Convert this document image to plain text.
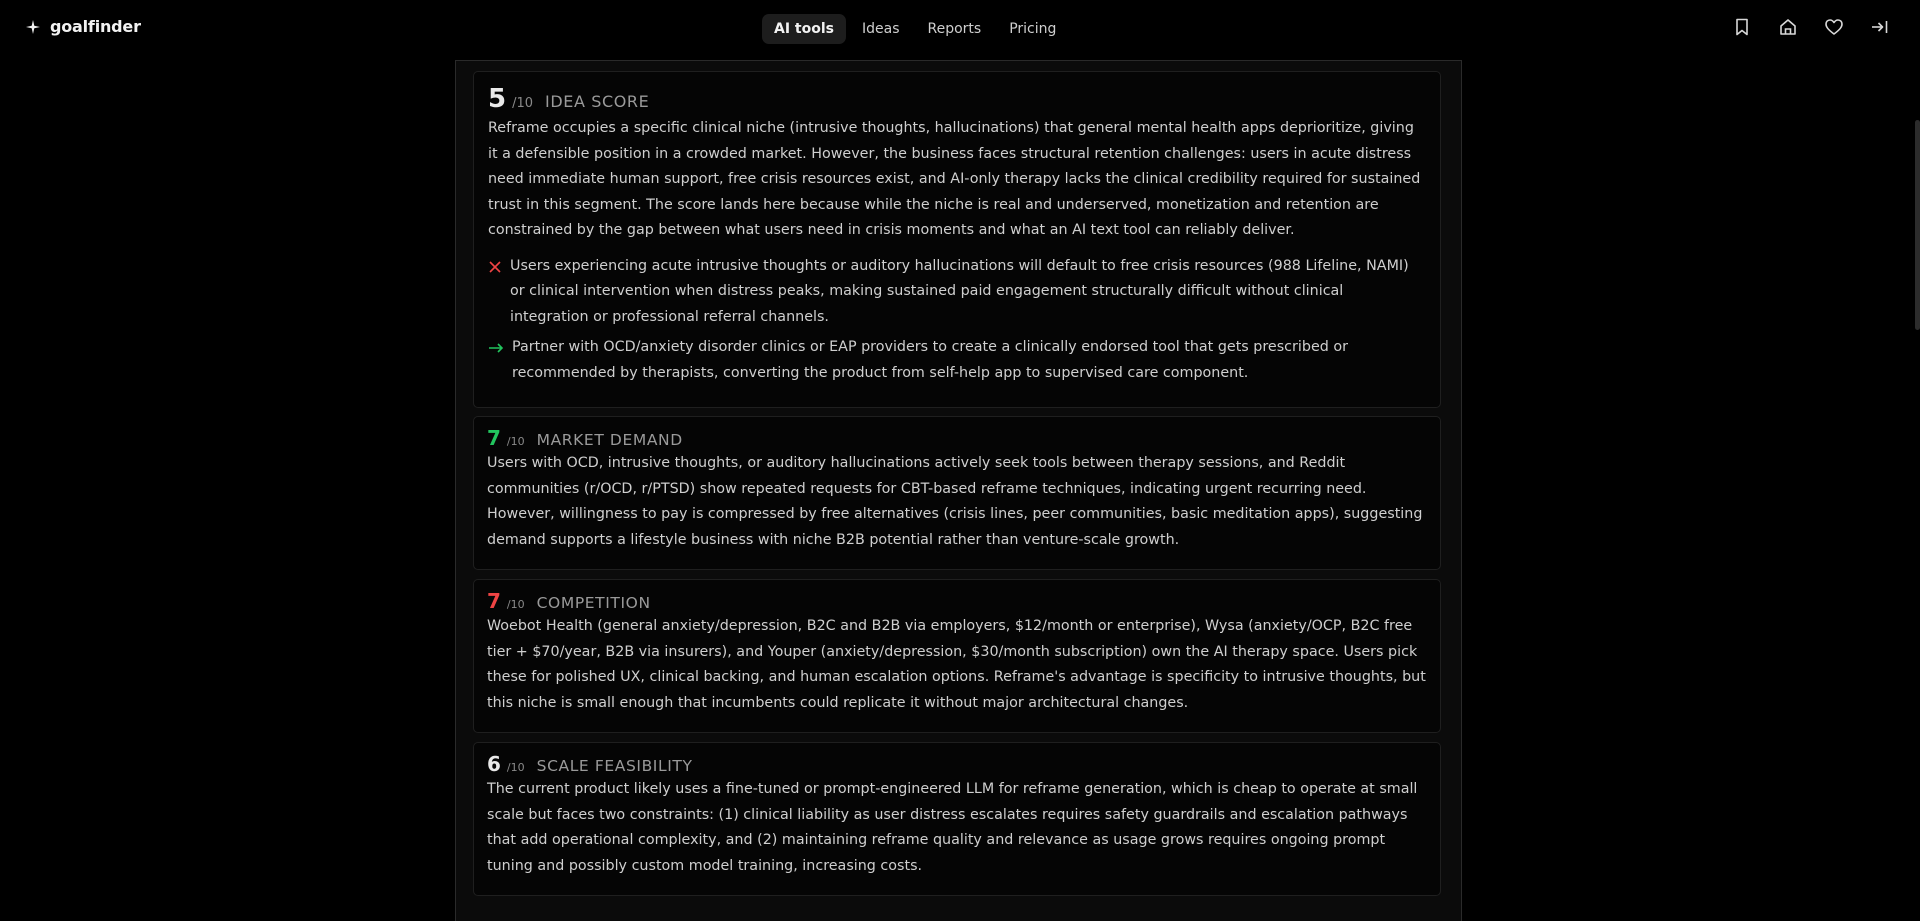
goalfinder	AI tools	Ideas	Reports	Pricing
5 /10 IDEA SCORE

Reframe occupies a specific clinical niche (intrusive thoughts, hallucinations) that general mental health apps deprioritize, giving it a defensible position in a crowded market. However, the business faces structural retention challenges: users in acute distress need immediate human support, free crisis resources exist, and AI-only therapy lacks the clinical credibility required for sustained trust in this segment. The score lands here because while the niche is real and underserved, monetization and retention are constrained by the gap between what users need in crisis moments and what an AI text tool can reliably deliver.

Users experiencing acute intrusive thoughts or auditory hallucinations will default to free crisis resources (988 Lifeline, NAMI) or clinical intervention when distress peaks, making sustained paid engagement structurally difficult without clinical integration or professional referral channels.
Partner with OCD/anxiety disorder clinics or EAP providers to create a clinically endorsed tool that gets prescribed or recommended by therapists, converting the product from self-help app to supervised care component.
7 /10 MARKET DEMAND

Users with OCD, intrusive thoughts, or auditory hallucinations actively seek tools between therapy sessions, and Reddit communities (r/OCD, r/PTSD) show repeated requests for CBT-based reframe techniques, indicating urgent recurring need. However, willingness to pay is compressed by free alternatives (crisis lines, peer communities, basic meditation apps), suggesting demand supports a lifestyle business with niche B2B potential rather than venture-scale growth.

7 /10 COMPETITION

Woebot Health (general anxiety/depression, B2C and B2B via employers, $12/month or enterprise), Wysa (anxiety/OCP, B2C free tier + $70/year, B2B via insurers), and Youper (anxiety/depression, $30/month subscription) own the AI therapy space. Users pick these for polished UX, clinical backing, and human escalation options. Reframe's advantage is specificity to intrusive thoughts, but this niche is small enough that incumbents could replicate it without major architectural changes.

6 /10 SCALE FEASIBILITY

The current product likely uses a fine-tuned or prompt-engineered LLM for reframe generation, which is cheap to operate at small scale but faces two constraints: (1) clinical liability as user distress escalates requires safety guardrails and escalation pathways that add operational complexity, and (2) maintaining reframe quality and relevance as usage grows requires ongoing prompt tuning and possibly custom model training, increasing costs.
